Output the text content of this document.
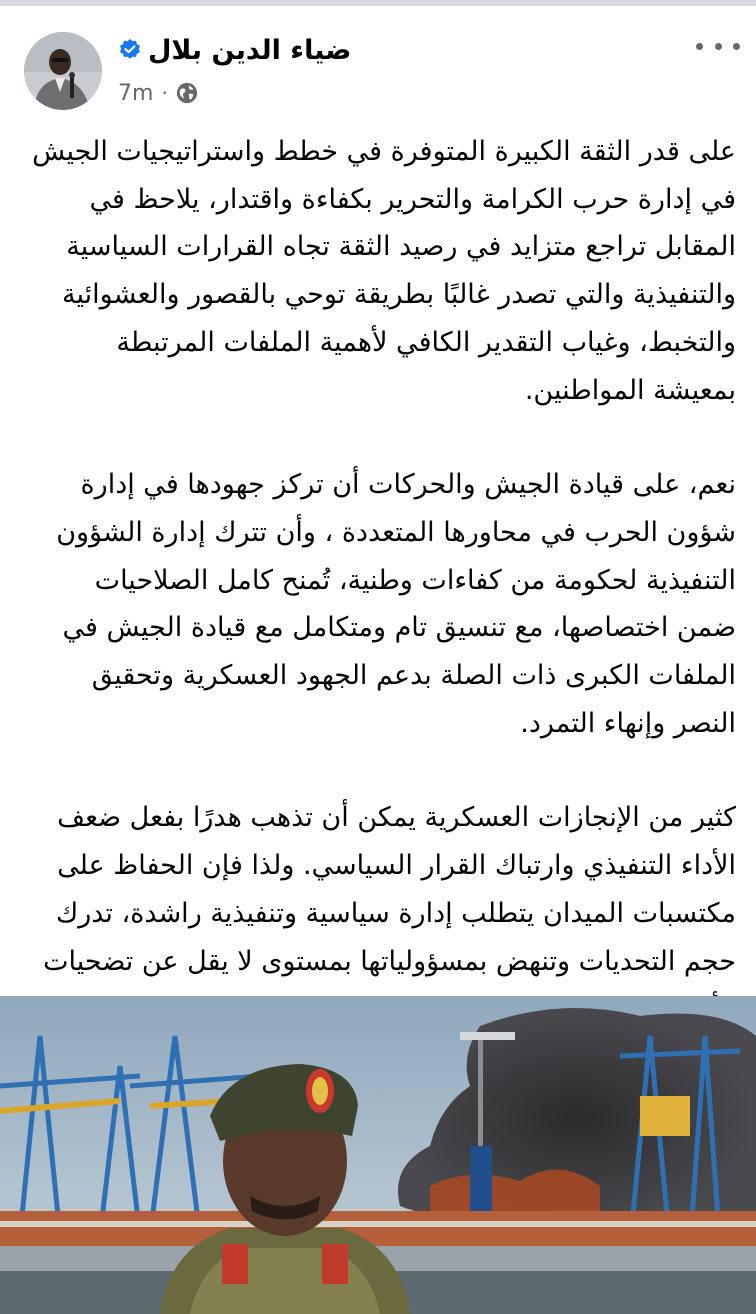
ضياء الدين بلال
7m ·

على قدر الثقة الكبيرة المتوفرة في خطط واستراتيجيات الجيش في إدارة حرب الكرامة والتحرير بكفاءة واقتدار، يلاحظ في المقابل تراجع متزايد في رصيد الثقة تجاه القرارات السياسية والتنفيذية والتي تصدر غالبًا بطريقة توحي بالقصور والعشوائية والتخبط، وغياب التقدير الكافي لأهمية الملفات المرتبطة بمعيشة المواطنين.

نعم، على قيادة الجيش والحركات أن تركز جهودها في إدارة شؤون الحرب في محاورها المتعددة ، وأن تترك إدارة الشؤون التنفيذية لحكومة من كفاءات وطنية، تُمنح كامل الصلاحيات ضمن اختصاصها، مع تنسيق تام ومتكامل مع قيادة الجيش في الملفات الكبرى ذات الصلة بدعم الجهود العسكرية وتحقيق النصر وإنهاء التمرد.

كثير من الإنجازات العسكرية يمكن أن تذهب هدرًا بفعل ضعف الأداء التنفيذي وارتباك القرار السياسي. ولذا فإن الحفاظ على مكتسبات الميدان يتطلب إدارة سياسية وتنفيذية راشدة، تدرك حجم التحديات وتنهض بمسؤولياتها بمستوى لا يقل عن تضحيات
